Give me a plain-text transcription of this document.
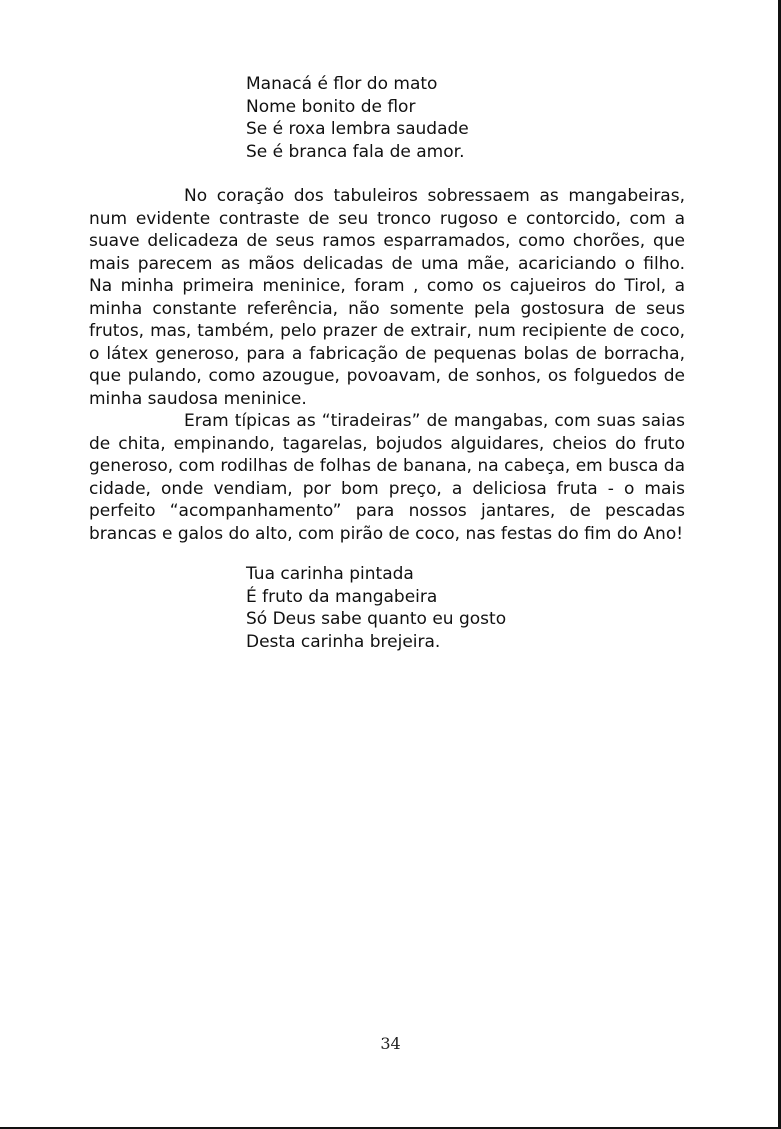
Manacá é flor do mato
Nome bonito de flor
Se é roxa lembra saudade
Se é branca fala de amor.

No coração dos tabuleiros sobressaem as mangabeiras, num evidente contraste de seu tronco rugoso e contorcido, com a suave delicadeza de seus ramos esparramados, como chorões, que mais parecem as mãos delicadas de uma mãe, acariciando o filho. Na minha primeira meninice, foram , como os cajueiros do Tirol, a minha constante referência, não somente pela gostosura de seus frutos, mas, também, pelo prazer de extrair, num recipiente de coco, o látex generoso, para a fabricação de pequenas bolas de borracha, que pulando, como azougue, povoavam, de sonhos, os folguedos de minha saudosa meninice.

Eram típicas as “tiradeiras” de mangabas, com suas saias de chita, empinando, tagarelas, bojudos alguidares, cheios do fruto generoso, com rodilhas de folhas de banana, na cabeça, em busca da cidade, onde vendiam, por bom preço, a deliciosa fruta - o mais perfeito “acompanhamento” para nossos jantares, de pescadas brancas e galos do alto, com pirão de coco, nas festas do fim do Ano!

Tua carinha pintada
É fruto da mangabeira
Só Deus sabe quanto eu gosto
Desta carinha brejeira.
34
